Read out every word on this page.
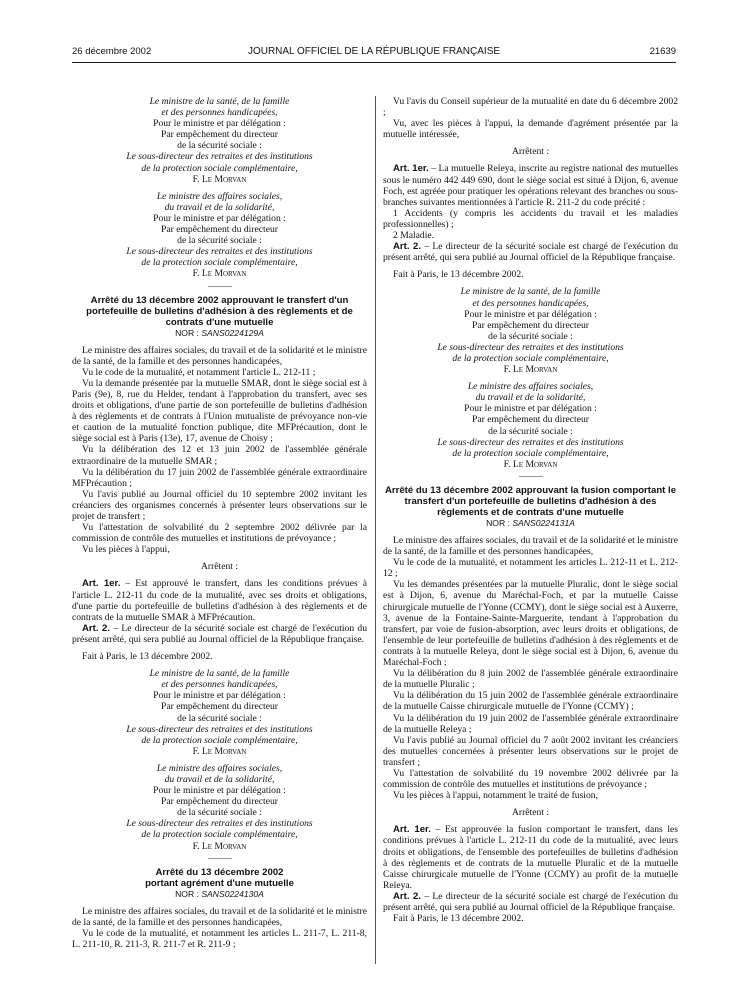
26 décembre 2002	JOURNAL OFFICIEL DE LA RÉPUBLIQUE FRANÇAISE	21639

Le ministre de la santé, de la famille

et des personnes handicapées,

Pour le ministre et par délégation :

Par empêchement du directeur

de la sécurité sociale :

Le sous-directeur des retraites et des institutions

de la protection sociale complémentaire,

F. Le Morvan

Le ministre des affaires sociales,

du travail et de la solidarité,

Pour le ministre et par délégation :

Par empêchement du directeur

de la sécurité sociale :

Le sous-directeur des retraites et des institutions

de la protection sociale complémentaire,

F. Le Morvan

Arrêté du 13 décembre 2002 approuvant le transfert d'un portefeuille de bulletins d'adhésion à des règlements et de contrats d'une mutuelle

NOR : SANS0224129A

Le ministre des affaires sociales, du travail et de la solidarité et le ministre de la santé, de la famille et des personnes handicapées,

Vu le code de la mutualité, et notamment l'article L. 212-11 ;

Vu la demande présentée par la mutuelle SMAR, dont le siège social est à Paris (9e), 8, rue du Helder, tendant à l'approbation du transfert, avec ses droits et obligations, d'une partie de son portefeuille de bulletins d'adhésion à des règlements et de contrats à l'Union mutualiste de prévoyance non-vie et caution de la mutualité fonction publique, dite MFPrécaution, dont le siège social est à Paris (13e), 17, avenue de Choisy ;

Vu la délibération des 12 et 13 juin 2002 de l'assemblée générale extraordinaire de la mutuelle SMAR ;

Vu la délibération du 17 juin 2002 de l'assemblée générale extraordinaire MFPrécaution ;

Vu l'avis publié au Journal officiel du 10 septembre 2002 invitant les créanciers des organismes concernés à présenter leurs observations sur le projet de transfert ;

Vu l'attestation de solvabilité du 2 septembre 2002 délivrée par la commission de contrôle des mutuelles et institutions de prévoyance ;

Vu les pièces à l'appui,

Arrêtent :

Art. 1er. – Est approuvé le transfert, dans les conditions prévues à l'article L. 212-11 du code de la mutualité, avec ses droits et obligations, d'une partie du portefeuille de bulletins d'adhésion à des règlements et de contrats de la mutuelle SMAR à MFPrécaution.

Art. 2. – Le directeur de la sécurité sociale est chargé de l'exécution du présent arrêté, qui sera publié au Journal officiel de la République française.

Fait à Paris, le 13 décembre 2002.

Le ministre de la santé, de la famille

et des personnes handicapées,

Pour le ministre et par délégation :

Par empêchement du directeur

de la sécurité sociale :

Le sous-directeur des retraites et des institutions

de la protection sociale complémentaire,

F. Le Morvan

Le ministre des affaires sociales,

du travail et de la solidarité,

Pour le ministre et par délégation :

Par empêchement du directeur

de la sécurité sociale :

Le sous-directeur des retraites et des institutions

de la protection sociale complémentaire,

F. Le Morvan

Arrêté du 13 décembre 2002

portant agrément d'une mutuelle

NOR : SANS0224130A

Le ministre des affaires sociales, du travail et de la solidarité et le ministre de la santé, de la famille et des personnes handicapées,

Vu le code de la mutualité, et notamment les articles L. 211-7, L. 211-8, L. 211-10, R. 211-3, R. 211-7 et R. 211-9 ;

Vu l'avis du Conseil supérieur de la mutualité en date du 6 décembre 2002 ;

Vu, avec les pièces à l'appui, la demande d'agrément présentée par la mutuelle intéressée,

Arrêtent :

Art. 1er. – La mutuelle Releya, inscrite au registre national des mutuelles sous le numéro 442 449 690, dont le siège social est situé à Dijon, 6, avenue Foch, est agréée pour pratiquer les opérations relevant des branches ou sous-branches suivantes mentionnées à l'article R. 211-2 du code précité :

1 Accidents (y compris les accidents du travail et les maladies professionnelles) ;

2 Maladie.

Art. 2. – Le directeur de la sécurité sociale est chargé de l'exécution du présent arrêté, qui sera publié au Journal officiel de la République française.

Fait à Paris, le 13 décembre 2002.

Le ministre de la santé, de la famille

et des personnes handicapées,

Pour le ministre et par délégation :

Par empêchement du directeur

de la sécurité sociale :

Le sous-directeur des retraites et des institutions

de la protection sociale complémentaire,

F. Le Morvan

Le ministre des affaires sociales,

du travail et de la solidarité,

Pour le ministre et par délégation :

Par empêchement du directeur

de la sécurité sociale :

Le sous-directeur des retraites et des institutions

de la protection sociale complémentaire,

F. Le Morvan

Arrêté du 13 décembre 2002 approuvant la fusion comportant le transfert d'un portefeuille de bulletins d'adhésion à des règlements et de contrats d'une mutuelle

NOR : SANS0224131A

Le ministre des affaires sociales, du travail et de la solidarité et le ministre de la santé, de la famille et des personnes handicapées,

Vu le code de la mutualité, et notamment les articles L. 212-11 et L. 212-12 ;

Vu les demandes présentées par la mutuelle Pluralic, dont le siège social est à Dijon, 6, avenue du Maréchal-Foch, et par la mutuelle Caisse chirurgicale mutuelle de l'Yonne (CCMY), dont le siège social est à Auxerre, 3, avenue de la Fontaine-Sainte-Marguerite, tendant à l'approbation du transfert, par voie de fusion-absorption, avec leurs droits et obligations, de l'ensemble de leur portefeuille de bulletins d'adhésion à des règlements et de contrats à la mutuelle Releya, dont le siège social est à Dijon, 6, avenue du Maréchal-Foch ;

Vu la délibération du 8 juin 2002 de l'assemblée générale extraordinaire de la mutuelle Pluralic ;

Vu la délibération du 15 juin 2002 de l'assemblée générale extraordinaire de la mutuelle Caisse chirurgicale mutuelle de l'Yonne (CCMY) ;

Vu la délibération du 19 juin 2002 de l'assemblée générale extraordinaire de la mutuelle Releya ;

Vu l'avis publié au Journal officiel du 7 août 2002 invitant les créanciers des mutuelles concernées à présenter leurs observations sur le projet de transfert ;

Vu l'attestation de solvabilité du 19 novembre 2002 délivrée par la commission de contrôle des mutuelles et institutions de prévoyance ;

Vu les pièces à l'appui, notamment le traité de fusion,

Arrêtent :

Art. 1er. – Est approuvée la fusion comportant le transfert, dans les conditions prévues à l'article L. 212-11 du code de la mutualité, avec leurs droits et obligations, de l'ensemble des portefeuilles de bulletins d'adhésion à des règlements et de contrats de la mutuelle Pluralic et de la mutuelle Caisse chirurgicale mutuelle de l'Yonne (CCMY) au profit de la mutuelle Releya.

Art. 2. – Le directeur de la sécurité sociale est chargé de l'exécution du présent arrêté, qui sera publié au Journal officiel de la République française.

Fait à Paris, le 13 décembre 2002.
